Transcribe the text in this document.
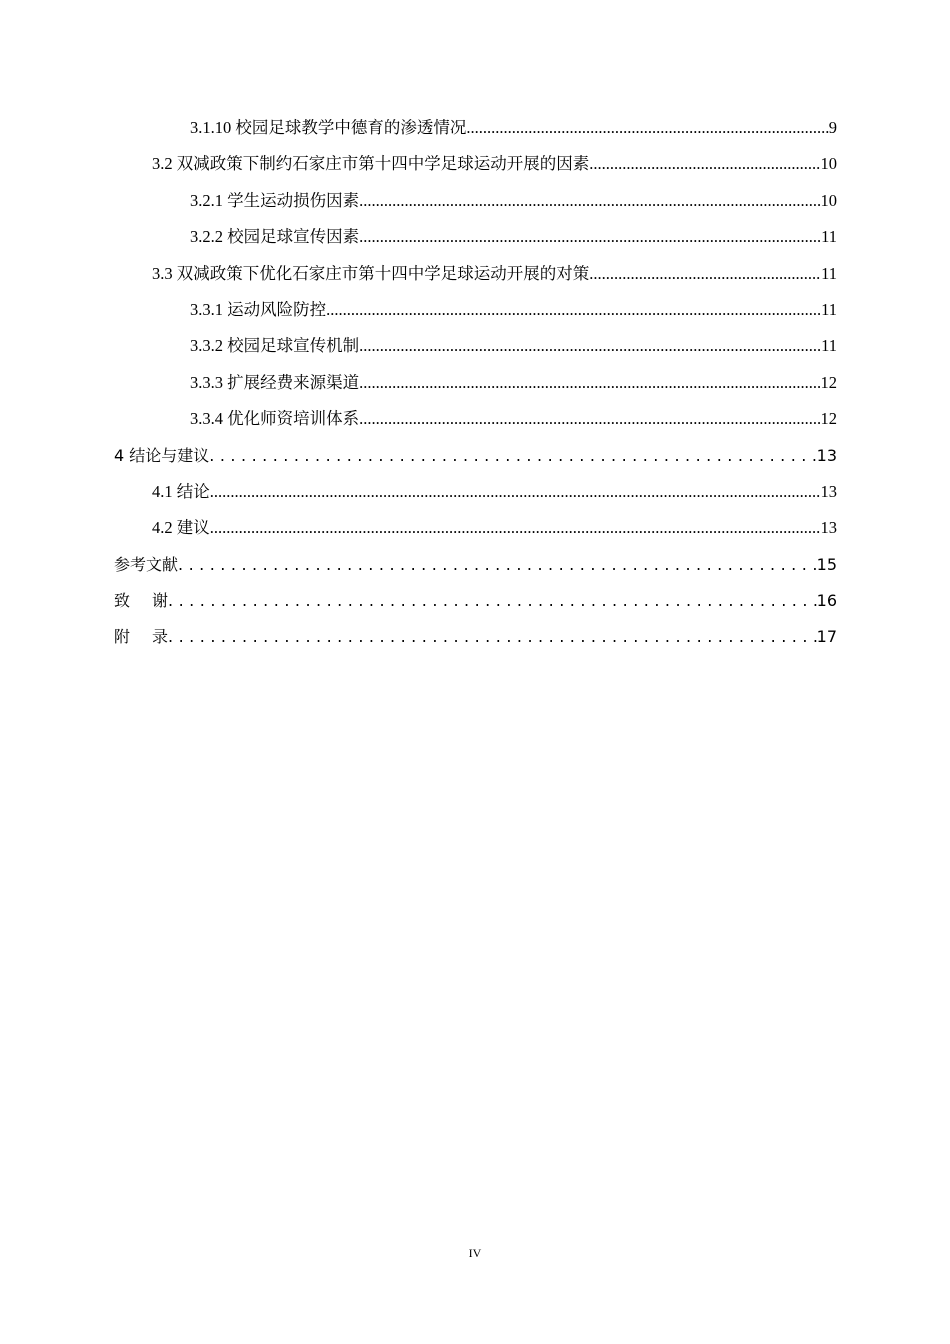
3.1.10 校园足球教学中德育的渗透情况 .....	9
3.2 双减政策下制约石家庄市第十四中学足球运动开展的因素 .....	10
3.2.1 学生运动损伤因素 .....	10
3.2.2 校园足球宣传因素 .....	11
3.3 双减政策下优化石家庄市第十四中学足球运动开展的对策 .....	11
3.3.1 运动风险防控 .....	11
3.3.2 校园足球宣传机制 .....	11
3.3.3 扩展经费来源渠道 .....	12
3.3.4 优化师资培训体系 .....	12
4 结论与建议 . . .	13
4.1 结论 .....	13
4.2 建议 .....	13
参考文献 . . .	15
致 谢 . . .	16
附 录 . . .	17
IV
